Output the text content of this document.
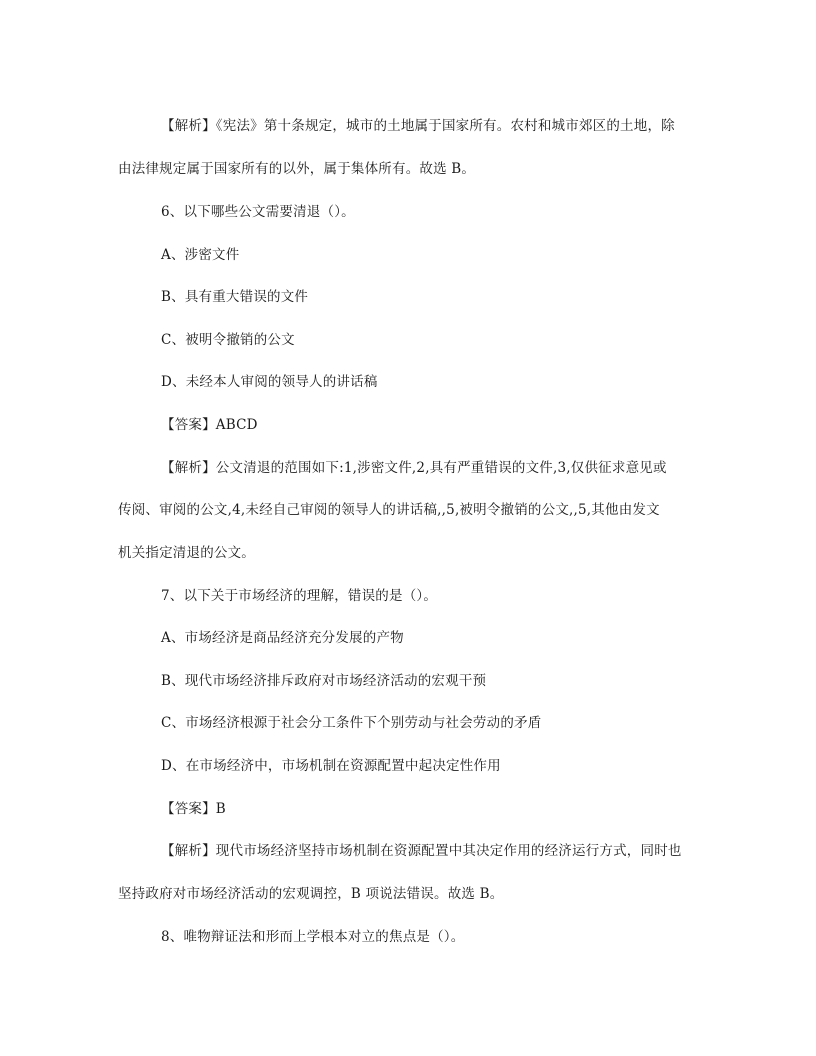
【解析】《宪法》第十条规定，城市的土地属于国家所有。农村和城市郊区的土地，除
由法律规定属于国家所有的以外，属于集体所有。故选 B。
6、以下哪些公文需要清退（）。
A、涉密文件
B、具有重大错误的文件
C、被明令撤销的公文
D、未经本人审阅的领导人的讲话稿
【答案】ABCD
【解析】公文清退的范围如下:1,涉密文件,2,具有严重错误的文件,3,仅供征求意见或
传阅、审阅的公文,4,未经自己审阅的领导人的讲话稿,,5,被明令撤销的公文,,5,其他由发文
机关指定清退的公文。
7、以下关于市场经济的理解，错误的是（）。
A、市场经济是商品经济充分发展的产物
B、现代市场经济排斥政府对市场经济活动的宏观干预
C、市场经济根源于社会分工条件下个别劳动与社会劳动的矛盾
D、在市场经济中，市场机制在资源配置中起决定性作用
【答案】B
【解析】现代市场经济坚持市场机制在资源配置中其决定作用的经济运行方式，同时也
坚持政府对市场经济活动的宏观调控，B 项说法错误。故选 B。
8、唯物辩证法和形而上学根本对立的焦点是（）。
